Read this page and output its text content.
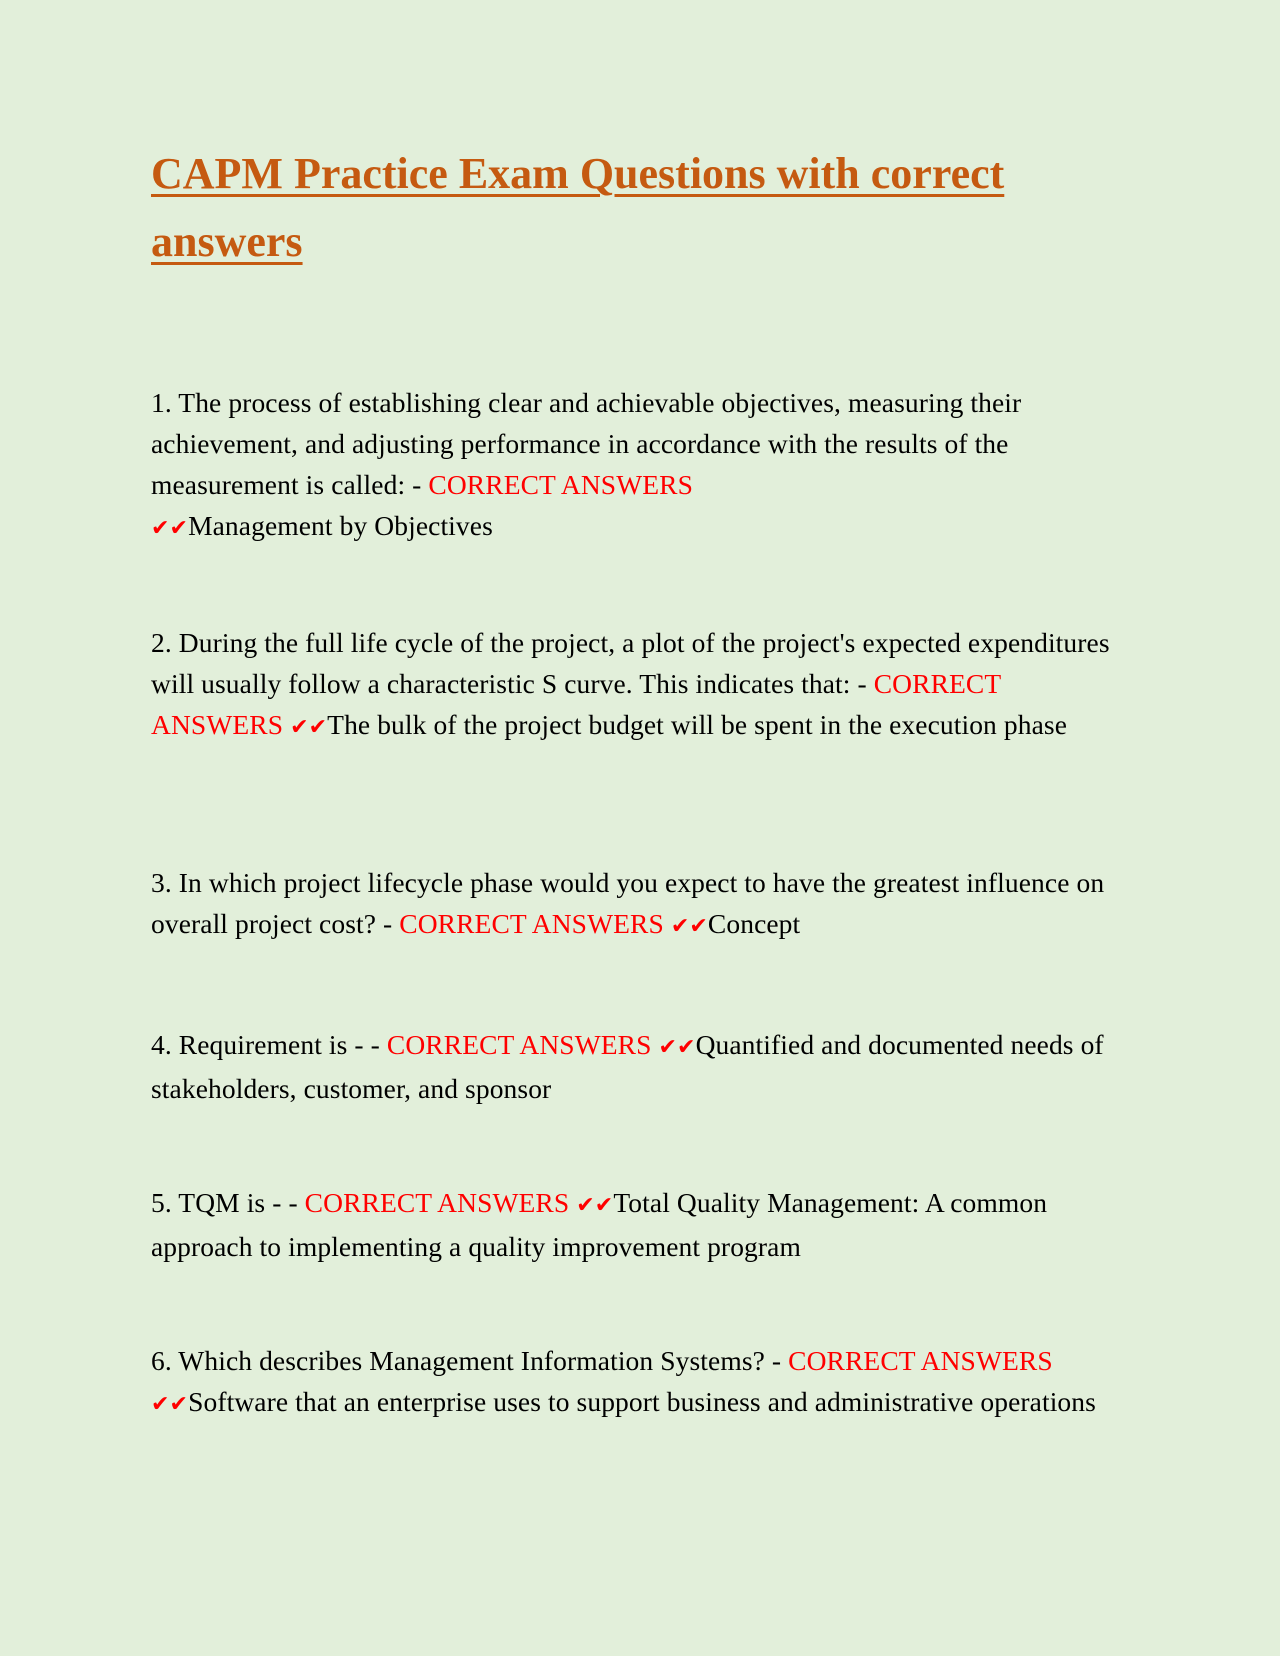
CAPM Practice Exam Questions with correct answers

1. The process of establishing clear and achievable objectives, measuring their achievement, and adjusting performance in accordance with the results of the measurement is called: - CORRECT ANSWERS
✔✔Management by Objectives

2. During the full life cycle of the project, a plot of the project's expected expenditures will usually follow a characteristic S curve. This indicates that: - CORRECT ANSWERS ✔✔The bulk of the project budget will be spent in the execution phase

3. In which project lifecycle phase would you expect to have the greatest influence on overall project cost? - CORRECT ANSWERS ✔✔Concept

4. Requirement is - - CORRECT ANSWERS ✔✔Quantified and documented needs of stakeholders, customer, and sponsor

5. TQM is - - CORRECT ANSWERS ✔✔Total Quality Management: A common approach to implementing a quality improvement program

6. Which describes Management Information Systems? - CORRECT ANSWERS ✔✔Software that an enterprise uses to support business and administrative operations
